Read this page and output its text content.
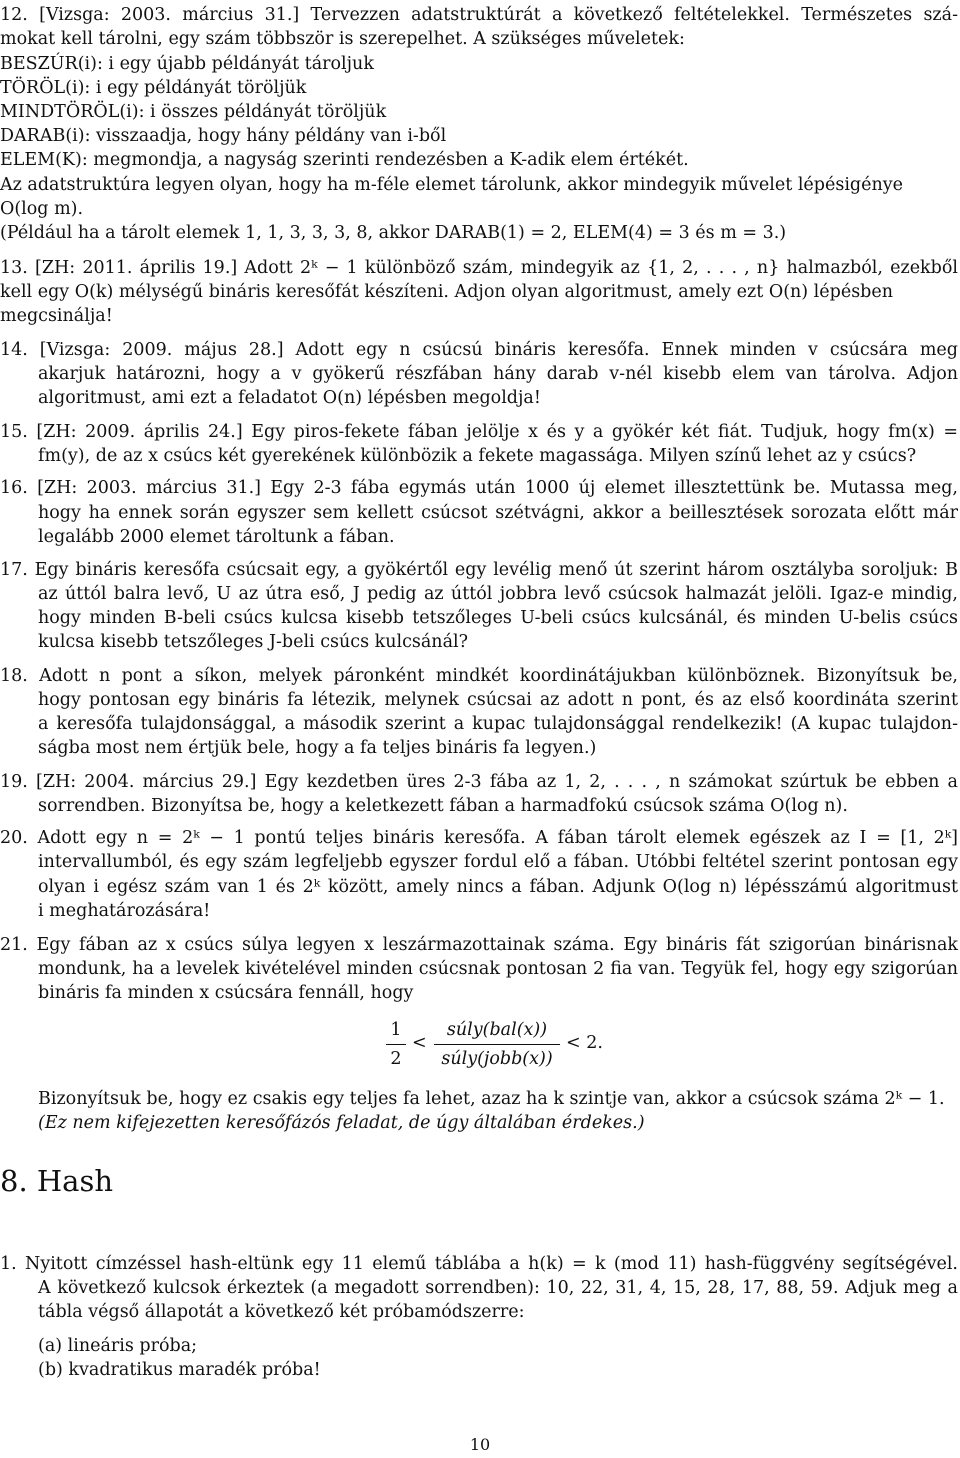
12. [Vizsga: 2003. március 31.] Tervezzen adatstruktúrát a következő feltételekkel. Természetes szá-
mokat kell tárolni, egy szám többször is szerepelhet. A szükséges műveletek:
BESZÚR(i): i egy újabb példányát tároljuk
TÖRÖL(i): i egy példányát töröljük
MINDTÖRÖL(i): i összes példányát töröljük
DARAB(i): visszaadja, hogy hány példány van i-ből
ELEM(K): megmondja, a nagyság szerinti rendezésben a K-adik elem értékét.
Az adatstruktúra legyen olyan, hogy ha m-féle elemet tárolunk, akkor mindegyik művelet lépésigénye
O(log m).
(Például ha a tárolt elemek 1, 1, 3, 3, 3, 8, akkor DARAB(1) = 2, ELEM(4) = 3 és m = 3.)
13. [ZH: 2011. április 19.] Adott 2ᵏ − 1 különböző szám, mindegyik az {1, 2, . . . , n} halmazból, ezekből
kell egy O(k) mélységű bináris keresőfát készíteni. Adjon olyan algoritmust, amely ezt O(n) lépésben
megcsinálja!
14. [Vizsga: 2009. május 28.] Adott egy n csúcsú bináris keresőfa. Ennek minden v csúcsára meg
akarjuk határozni, hogy a v gyökerű részfában hány darab v-nél kisebb elem van tárolva. Adjon
algoritmust, ami ezt a feladatot O(n) lépésben megoldja!
15. [ZH: 2009. április 24.] Egy piros-fekete fában jelölje x és y a gyökér két fiát. Tudjuk, hogy fm(x) =
fm(y), de az x csúcs két gyerekének különbözik a fekete magassága. Milyen színű lehet az y csúcs?
16. [ZH: 2003. március 31.] Egy 2-3 fába egymás után 1000 új elemet illesztettünk be. Mutassa meg,
hogy ha ennek során egyszer sem kellett csúcsot szétvágni, akkor a beillesztések sorozata előtt már
legalább 2000 elemet tároltunk a fában.
17. Egy bináris keresőfa csúcsait egy, a gyökértől egy levélig menő út szerint három osztályba soroljuk: B
az úttól balra levő, U az útra eső, J pedig az úttól jobbra levő csúcsok halmazát jelöli. Igaz-e mindig,
hogy minden B-beli csúcs kulcsa kisebb tetszőleges U-beli csúcs kulcsánál, és minden U-belis csúcs
kulcsa kisebb tetszőleges J-beli csúcs kulcsánál?
18. Adott n pont a síkon, melyek páronként mindkét koordinátájukban különböznek. Bizonyítsuk be,
hogy pontosan egy bináris fa létezik, melynek csúcsai az adott n pont, és az első koordináta szerint
a keresőfa tulajdonsággal, a második szerint a kupac tulajdonsággal rendelkezik! (A kupac tulajdon-
ságba most nem értjük bele, hogy a fa teljes bináris fa legyen.)
19. [ZH: 2004. március 29.] Egy kezdetben üres 2-3 fába az 1, 2, . . . , n számokat szúrtuk be ebben a
sorrendben. Bizonyítsa be, hogy a keletkezett fában a harmadfokú csúcsok száma O(log n).
20. Adott egy n = 2ᵏ − 1 pontú teljes bináris keresőfa. A fában tárolt elemek egészek az I = [1, 2ᵏ]
intervallumból, és egy szám legfeljebb egyszer fordul elő a fában. Utóbbi feltétel szerint pontosan egy
olyan i egész szám van 1 és 2ᵏ között, amely nincs a fában. Adjunk O(log n) lépésszámú algoritmust
i meghatározására!
21. Egy fában az x csúcs súlya legyen x leszármazottainak száma. Egy bináris fát szigorúan binárisnak
mondunk, ha a levelek kivételével minden csúcsnak pontosan 2 fia van. Tegyük fel, hogy egy szigorúan
bináris fa minden x csúcsára fennáll, hogy
1
2
<
súly(bal(x))
súly(jobb(x))
< 2.
Bizonyítsuk be, hogy ez csakis egy teljes fa lehet, azaz ha k szintje van, akkor a csúcsok száma 2ᵏ − 1.
(Ez nem kifejezetten keresőfázós feladat, de úgy általában érdekes.)
8. Hash
1. Nyitott címzéssel hash-eltünk egy 11 elemű táblába a h(k) = k (mod 11) hash-függvény segítségével.
A következő kulcsok érkeztek (a megadott sorrendben): 10, 22, 31, 4, 15, 28, 17, 88, 59. Adjuk meg a
tábla végső állapotát a következő két próbamódszerre:
(a) lineáris próba;
(b) kvadratikus maradék próba!
10
